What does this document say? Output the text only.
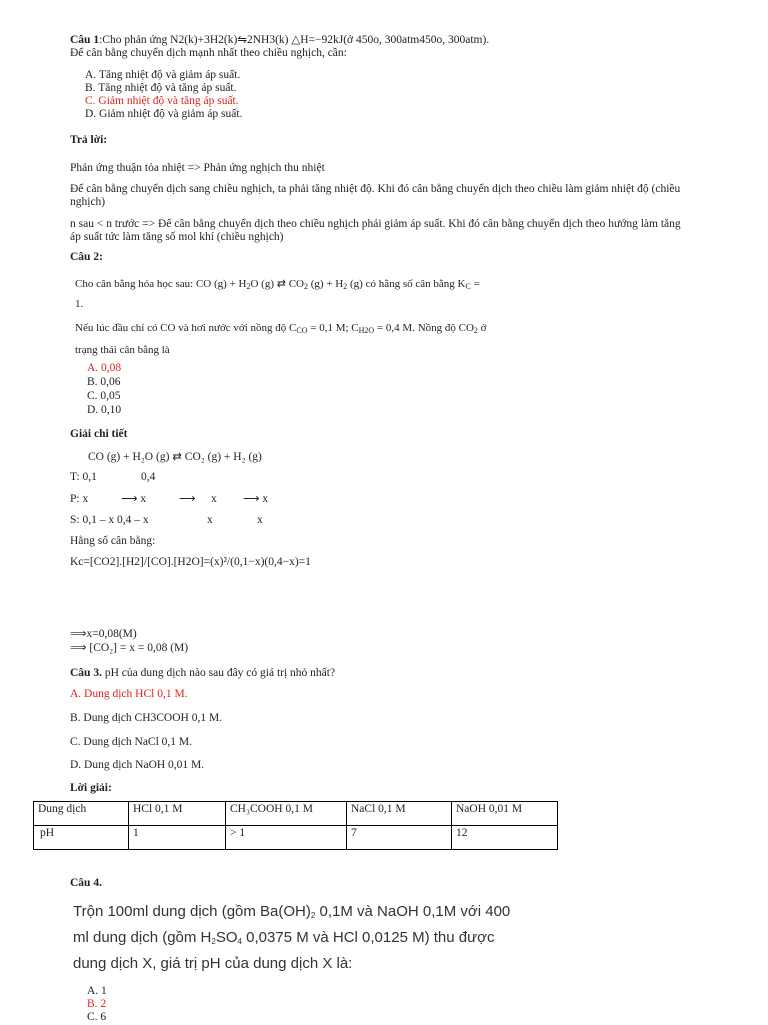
Câu 1:Cho phản ứng N2(k)+3H2(k)⇋2NH3(k) △H=−92kJ(ở 450o, 300atm450o, 300atm).
Để cân bằng chuyển dịch mạnh nhất theo chiều nghịch, cần:
A. Tăng nhiệt độ và giảm áp suất.
B. Tăng nhiệt độ và tăng áp suất.
C. Giảm nhiệt độ và tăng áp suất.
D. Giảm nhiệt độ và giảm áp suất.
Trả lời:
Phản ứng thuận tỏa nhiệt => Phản ứng nghịch thu nhiệt
Để cân bằng chuyển dịch sang chiều nghịch, ta phải tăng nhiệt độ. Khi đó cân bằng chuyển dịch theo chiều làm giảm nhiệt độ (chiều
nghịch)
n sau < n trước => Để cân bằng chuyển dịch theo chiều nghịch phải giảm áp suất. Khi đó cân bằng chuyển dịch theo hướng làm tăng
áp suất tức làm tăng số mol khí (chiều nghịch)
Câu 2:
Cho cân bằng hóa học sau: CO $(g) + H_2O$ (g) ⇄ $CO_2$ $(g) + H_2$ (g) có hằng số cân bằng $K_C$ =
1.
Nếu lúc đầu chỉ có CO và hơi nước với nồng độ $C_{CO} = 0,1$ M; $C_{H2O} = 0,4$ M. Nồng độ $CO_2$ ở
trạng thái cân bằng là
A. 0,08
B. 0,06
C. 0,05
D. 0,10
Giải chi tiết
CO (g) + H₂O (g) ⇄ CO₂ (g) + H₂ (g)
T: 0,1	0,4
P: x	⟶ x	⟶ x ⟶ x
S: 0,1 – x 0,4 – x	x	x
Hằng số cân bằng:
Kc=[CO2].[H2]/[CO].[H2O]=(x)²/(0,1−x)(0,4−x)=1
⟹x=0,08(M)
⟹ [CO₂] = x = 0,08 (M)
Câu 3. pH của dung dịch nào sau đây có giá trị nhỏ nhất?
A. Dung dịch HCl 0,1 M.
B. Dung dịch CH3COOH 0,1 M.
C. Dung dịch NaCl 0,1 M.
D. Dung dịch NaOH 0,01 M.
Lời giải:
Dung dịch	HCl 0,1 M	CH₃COOH 0,1 M	NaCl 0,1 M	NaOH 0,01 M
pH	1	> 1	7	12
Câu 4.
Trộn 100ml dung dịch (gồm $Ba(OH)_2$ 0,1M và NaOH 0,1M với 400
ml dung dịch (gồm $H_2SO_4$ 0,0375 M và HCl 0,0125 M) thu được
dung dịch X, giá trị pH của dung dịch X là:
A. 1
B. 2
C. 6
